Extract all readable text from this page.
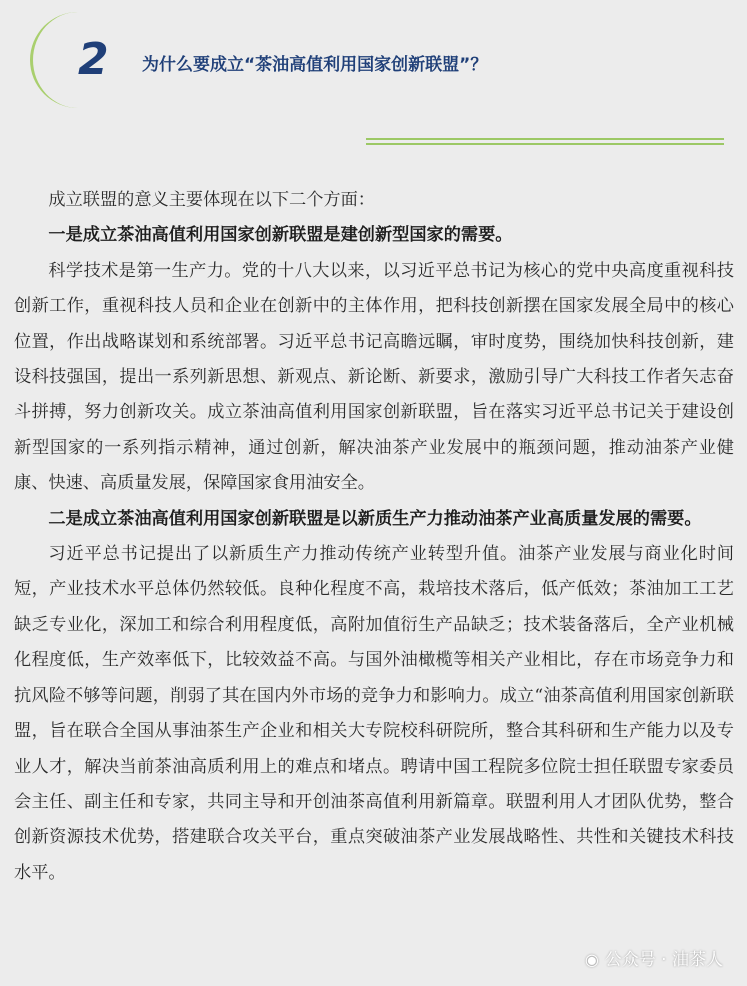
2 为什么要成立“茶油高值利用国家创新联盟”？

成立联盟的意义主要体现在以下二个方面：

一是成立茶油高值利用国家创新联盟是建创新型国家的需要。

科学技术是第一生产力。党的十八大以来，以习近平总书记为核心的党中央高度重视科技创新工作，重视科技人员和企业在创新中的主体作用，把科技创新摆在国家发展全局中的核心位置，作出战略谋划和系统部署。习近平总书记高瞻远瞩，审时度势，围绕加快科技创新，建设科技强国，提出一系列新思想、新观点、新论断、新要求，激励引导广大科技工作者矢志奋斗拼搏，努力创新攻关。成立茶油高值利用国家创新联盟，旨在落实习近平总书记关于建设创新型国家的一系列指示精神，通过创新，解决油茶产业发展中的瓶颈问题，推动油茶产业健康、快速、高质量发展，保障国家食用油安全。

二是成立茶油高值利用国家创新联盟是以新质生产力推动油茶产业高质量发展的需要。

习近平总书记提出了以新质生产力推动传统产业转型升值。油茶产业发展与商业化时间短，产业技术水平总体仍然较低。良种化程度不高，栽培技术落后，低产低效；茶油加工工艺缺乏专业化，深加工和综合利用程度低，高附加值衍生产品缺乏；技术装备落后，全产业机械化程度低，生产效率低下，比较效益不高。与国外油橄榄等相关产业相比，存在市场竞争力和抗风险不够等问题，削弱了其在国内外市场的竞争力和影响力。成立“油茶高值利用国家创新联盟，旨在联合全国从事油茶生产企业和相关大专院校科研院所，整合其科研和生产能力以及专业人才，解决当前茶油高质利用上的难点和堵点。聘请中国工程院多位院士担任联盟专家委员会主任、副主任和专家，共同主导和开创油茶高值利用新篇章。联盟利用人才团队优势，整合创新资源技术优势，搭建联合攻关平台，重点突破油茶产业发展战略性、共性和关键技术科技水平。

◉ 公众号 · 油茶人
